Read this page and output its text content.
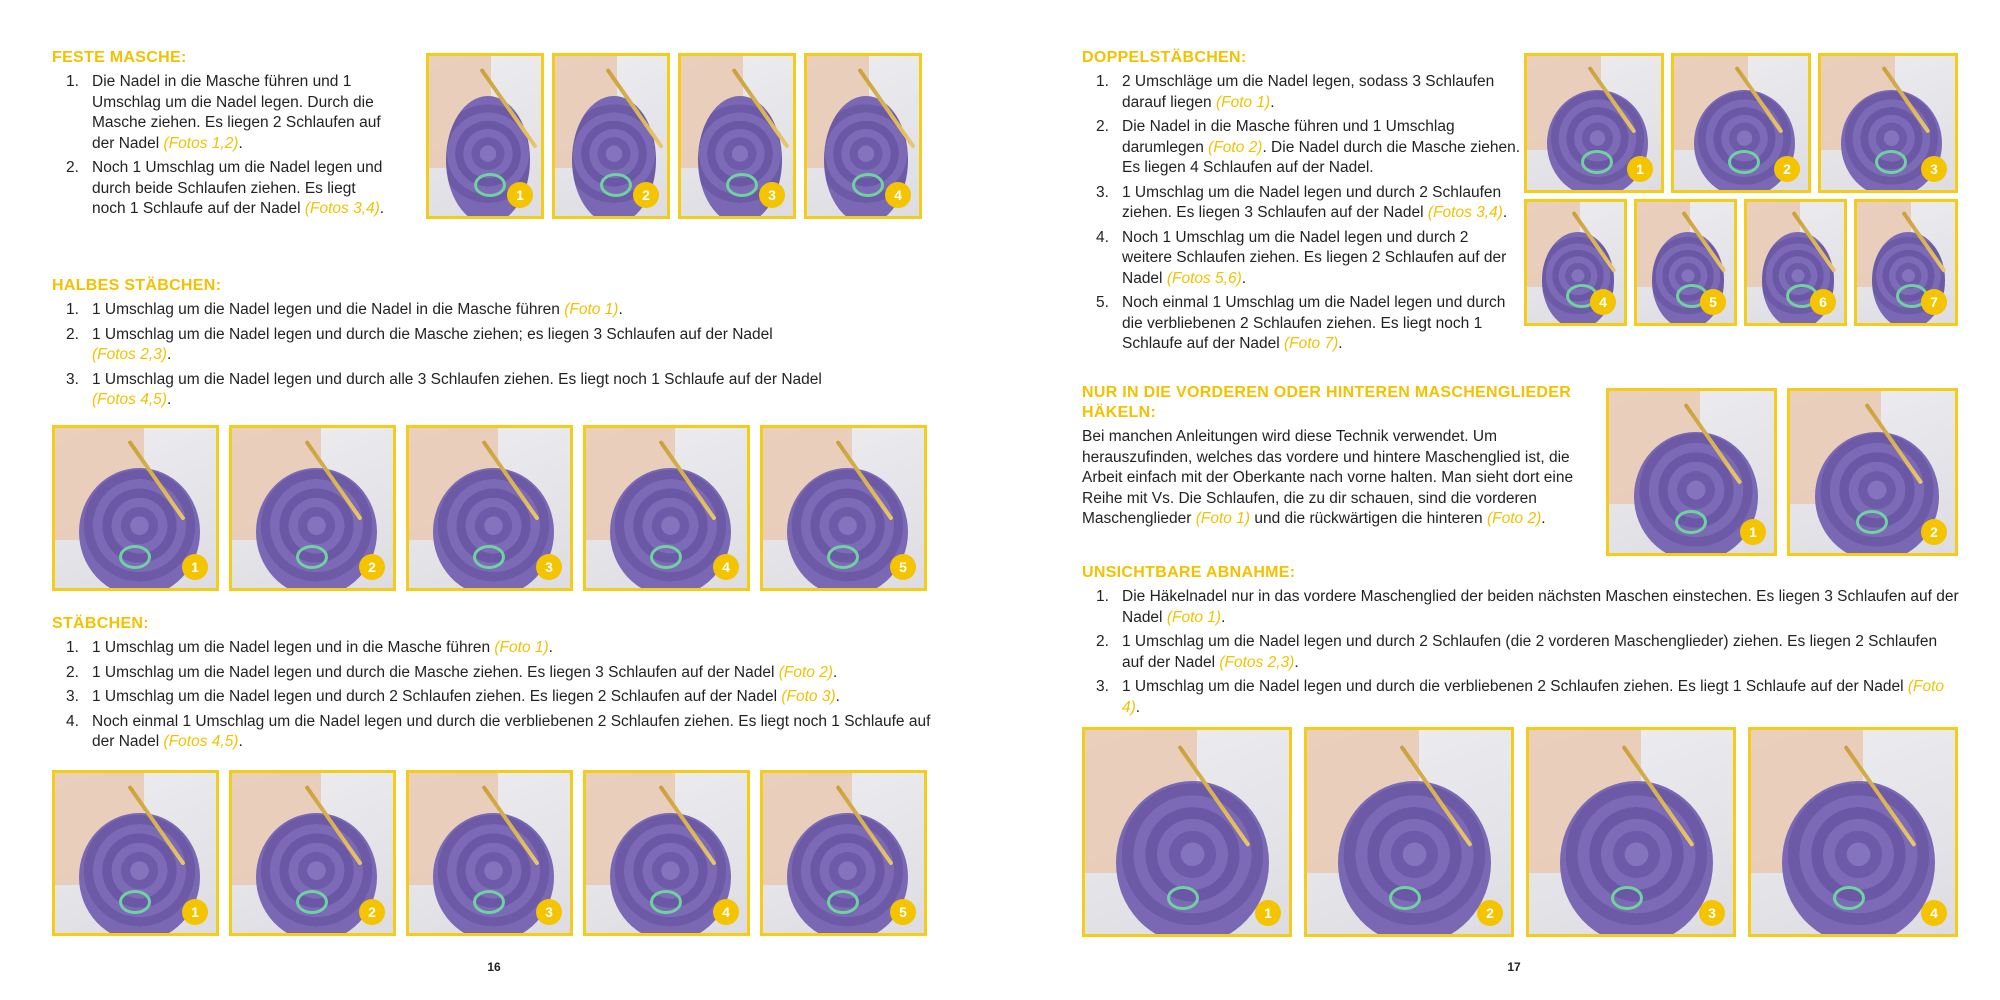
FESTE MASCHE:
1. Die Nadel in die Masche führen und 1 Umschlag um die Nadel legen. Durch die Masche ziehen. Es liegen 2 Schlaufen auf der Nadel (Fotos 1,2).
2. Noch 1 Umschlag um die Nadel legen und durch beide Schlaufen ziehen. Es liegt noch 1 Schlaufe auf der Nadel (Fotos 3,4).
1	2	3	4
HALBES STÄBCHEN:
1. 1 Umschlag um die Nadel legen und die Nadel in die Masche führen (Foto 1).
2. 1 Umschlag um die Nadel legen und durch die Masche ziehen; es liegen 3 Schlaufen auf der Nadel
(Fotos 2,3).
3. 1 Umschlag um die Nadel legen und durch alle 3 Schlaufen ziehen. Es liegt noch 1 Schlaufe auf der Nadel
(Fotos 4,5).
1	2	3	4	5
STÄBCHEN:
1. 1 Umschlag um die Nadel legen und in die Masche führen (Foto 1).
2. 1 Umschlag um die Nadel legen und durch die Masche ziehen. Es liegen 3 Schlaufen auf der Nadel (Foto 2).
3. 1 Umschlag um die Nadel legen und durch 2 Schlaufen ziehen. Es liegen 2 Schlaufen auf der Nadel (Foto 3).
4. Noch einmal 1 Umschlag um die Nadel legen und durch die verbliebenen 2 Schlaufen ziehen. Es liegt noch 1 Schlaufe auf der Nadel (Fotos 4,5).
1	2	3	4	5
16
DOPPELSTÄBCHEN:
1. 2 Umschläge um die Nadel legen, sodass 3 Schlaufen darauf liegen (Foto 1).
2. Die Nadel in die Masche führen und 1 Umschlag darumlegen (Foto 2). Die Nadel durch die Masche ziehen. Es liegen 4 Schlaufen auf der Nadel.
3. 1 Umschlag um die Nadel legen und durch 2 Schlaufen ziehen. Es liegen 3 Schlaufen auf der Nadel (Fotos 3,4).
4. Noch 1 Umschlag um die Nadel legen und durch 2 weitere Schlaufen ziehen. Es liegen 2 Schlaufen auf der Nadel (Fotos 5,6).
5. Noch einmal 1 Umschlag um die Nadel legen und durch die verbliebenen 2 Schlaufen ziehen. Es liegt noch 1 Schlaufe auf der Nadel (Foto 7).
1	2	3
4	5	6	7
NUR IN DIE VORDEREN ODER HINTEREN MASCHENGLIEDER HÄKELN:

Bei manchen Anleitungen wird diese Technik verwendet. Um herauszufinden, welches das vordere und hintere Maschenglied ist, die Arbeit einfach mit der Oberkante nach vorne halten. Man sieht dort eine Reihe mit Vs. Die Schlaufen, die zu dir schauen, sind die vorderen Maschenglieder (Foto 1) und die rückwärtigen die hinteren (Foto 2).

1	2
UNSICHTBARE ABNAHME:
1. Die Häkelnadel nur in das vordere Maschenglied der beiden nächsten Maschen einstechen. Es liegen 3 Schlaufen auf der Nadel (Foto 1).
2. 1 Umschlag um die Nadel legen und durch 2 Schlaufen (die 2 vorderen Maschenglieder) ziehen. Es liegen 2 Schlaufen auf der Nadel (Fotos 2,3).
3. 1 Umschlag um die Nadel legen und durch die verbliebenen 2 Schlaufen ziehen. Es liegt 1 Schlaufe auf der Nadel (Foto 4).
1	2	3	4
17
